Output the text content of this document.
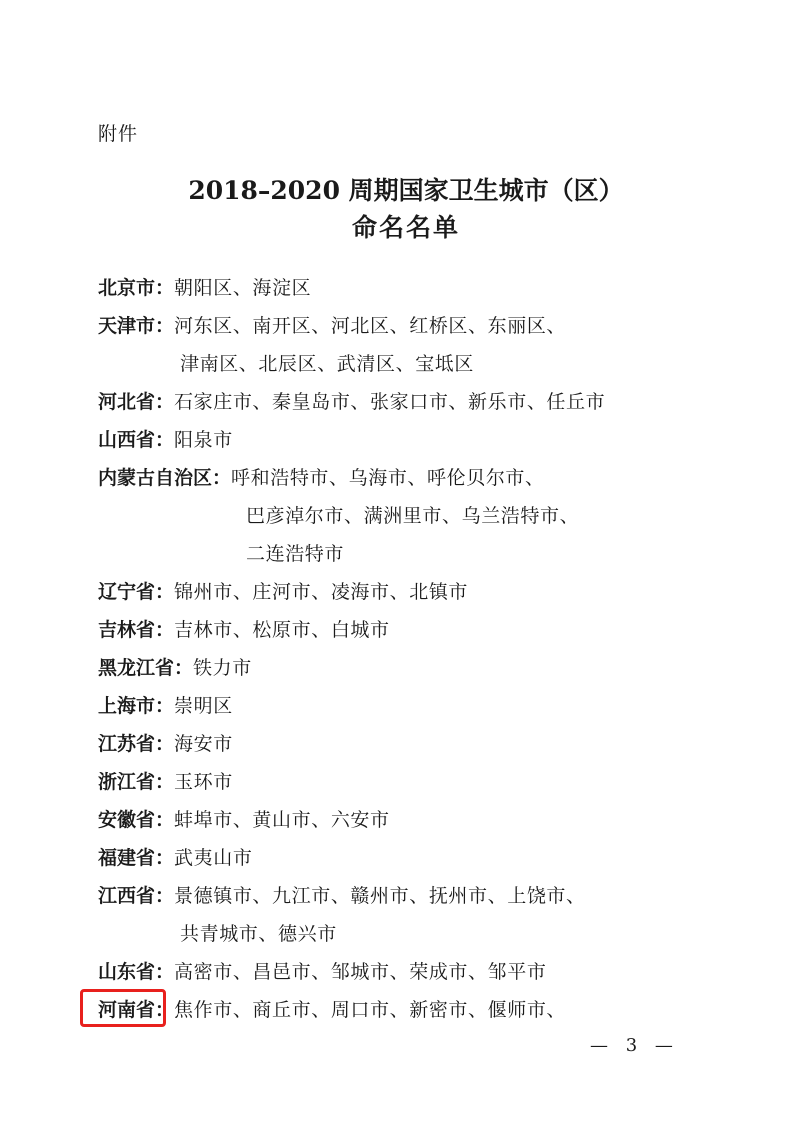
附件
2018–2020 周期国家卫生城市（区）
命名名单
北京市：朝阳区、海淀区
天津市：河东区、南开区、河北区、红桥区、东丽区、
津南区、北辰区、武清区、宝坻区
河北省：石家庄市、秦皇岛市、张家口市、新乐市、任丘市
山西省：阳泉市
内蒙古自治区：呼和浩特市、乌海市、呼伦贝尔市、
巴彦淖尔市、满洲里市、乌兰浩特市、
二连浩特市
辽宁省：锦州市、庄河市、凌海市、北镇市
吉林省：吉林市、松原市、白城市
黑龙江省：铁力市
上海市：崇明区
江苏省：海安市
浙江省：玉环市
安徽省：蚌埠市、黄山市、六安市
福建省：武夷山市
江西省：景德镇市、九江市、赣州市、抚州市、上饶市、
共青城市、德兴市
山东省：高密市、昌邑市、邹城市、荣成市、邹平市
河南省：焦作市、商丘市、周口市、新密市、偃师市、
— 3 —
